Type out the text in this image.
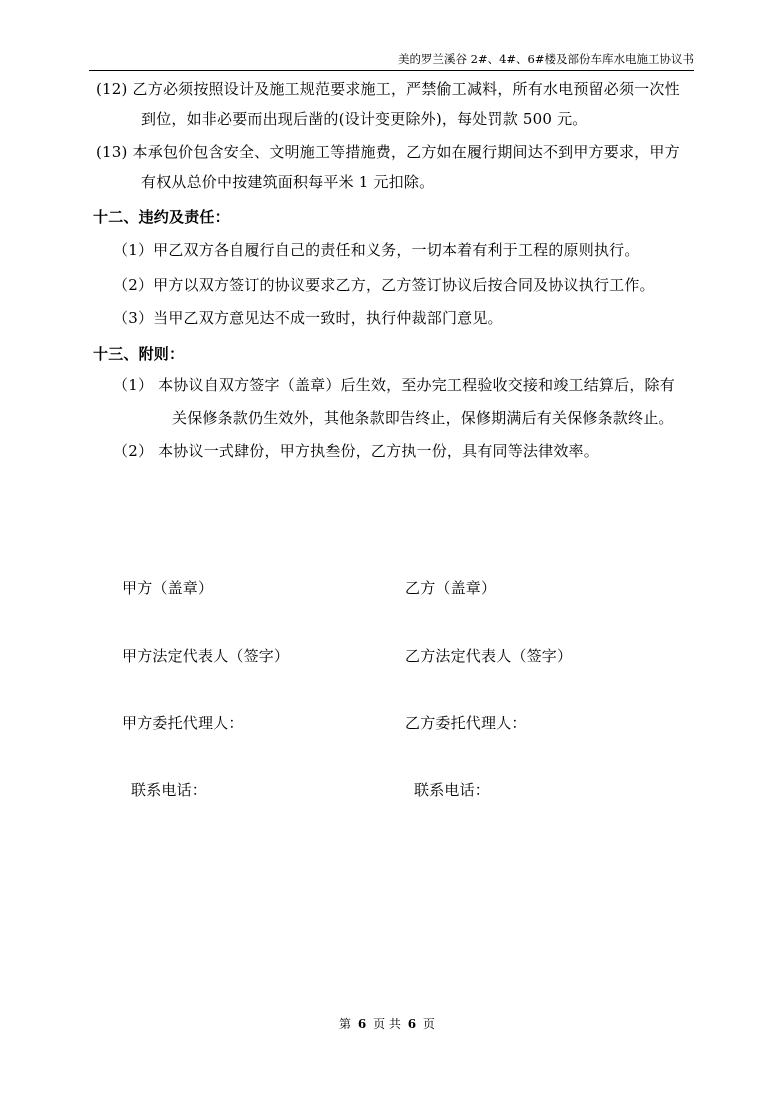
美的罗兰溪谷 2#、4#、6#楼及部份车库水电施工协议书
(12) 乙方必须按照设计及施工规范要求施工，严禁偷工减料，所有水电预留必须一次性
到位，如非必要而出现后凿的(设计变更除外)，每处罚款 500 元。
(13) 本承包价包含安全、文明施工等措施费，乙方如在履行期间达不到甲方要求，甲方
有权从总价中按建筑面积每平米 1 元扣除。
十二、违约及责任：
（1）甲乙双方各自履行自己的责任和义务，一切本着有利于工程的原则执行。
（2）甲方以双方签订的协议要求乙方，乙方签订协议后按合同及协议执行工作。
（3）当甲乙双方意见达不成一致时，执行仲裁部门意见。
十三、附则：
（1） 本协议自双方签字（盖章）后生效，至办完工程验收交接和竣工结算后，除有
关保修条款仍生效外，其他条款即告终止，保修期满后有关保修条款终止。
（2） 本协议一式肆份，甲方执叁份，乙方执一份，具有同等法律效率。
甲方（盖章）	乙方（盖章）
甲方法定代表人（签字）	乙方法定代表人（签字）
甲方委托代理人：	乙方委托代理人：
联系电话：	联系电话：
第 6 页 共 6 页
